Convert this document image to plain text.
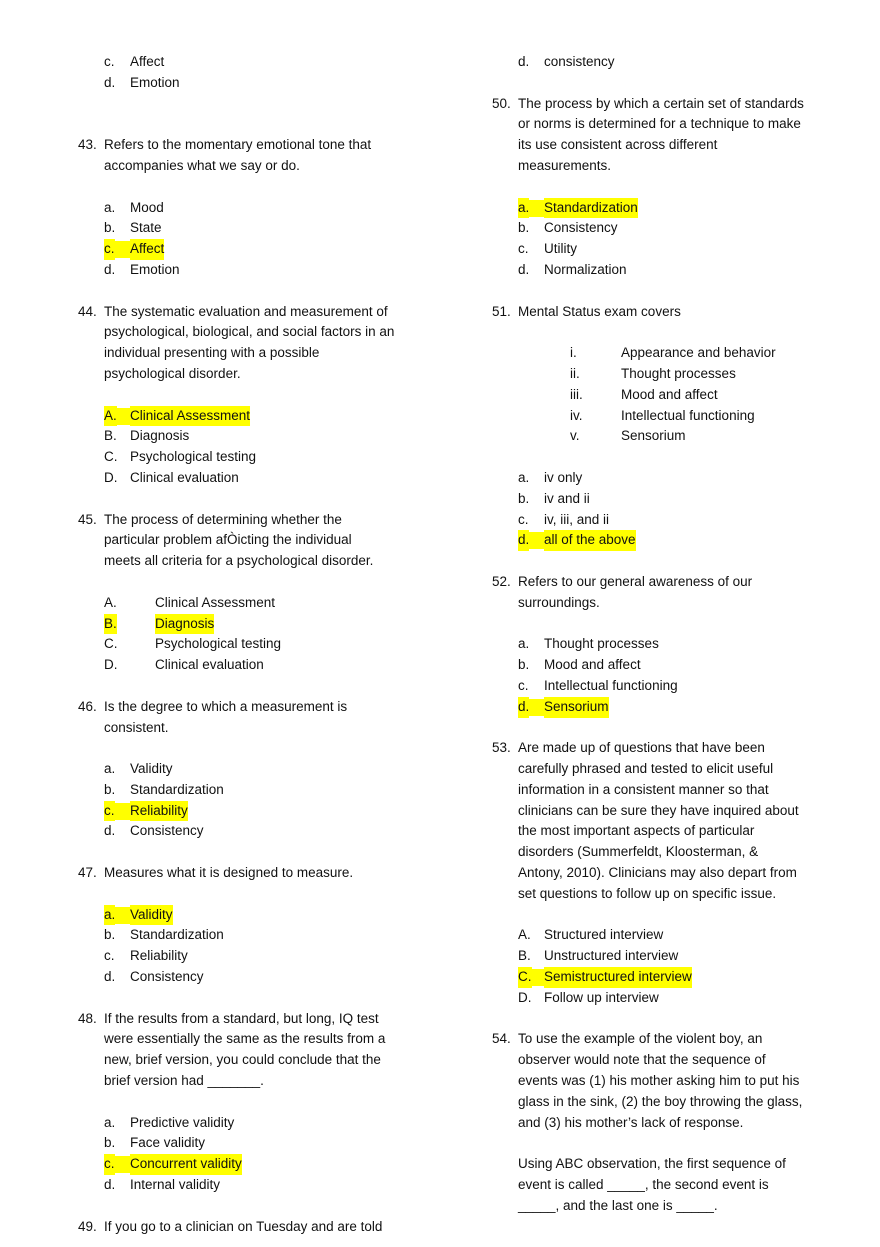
c. Affect
d. Emotion
43. Refers to the momentary emotional tone that
accompanies what we say or do.
a. Mood
b. State
c. Affect
d. Emotion
44. The systematic evaluation and measurement of
psychological, biological, and social factors in an
individual presenting with a possible
psychological disorder.
A. Clinical Assessment
B. Diagnosis
C. Psychological testing
D. Clinical evaluation
45. The process of determining whether the
particular problem afÒicting the individual
meets all criteria for a psychological disorder.
A.	Clinical Assessment
B.	Diagnosis
C.	Psychological testing
D.	Clinical evaluation
46. Is the degree to which a measurement is
consistent.
a. Validity
b. Standardization
c. Reliability
d. Consistency
47. Measures what it is designed to measure.
a. Validity
b. Standardization
c. Reliability
d. Consistency
48. If the results from a standard, but long, IQ test
were essentially the same as the results from a
new, brief version, you could conclude that the
brief version had _______.
a. Predictive validity
b. Face validity
c. Concurrent validity
d. Internal validity
49. If you go to a clinician on Tuesday and are told
d. consistency
50. The process by which a certain set of standards
or norms is determined for a technique to make
its use consistent across different
measurements.
a. Standardization
b. Consistency
c. Utility
d. Normalization
51. Mental Status exam covers
i.	Appearance and behavior
ii.	Thought processes
iii.	Mood and affect
iv.	Intellectual functioning
v.	Sensorium
a. iv only
b. iv and ii
c. iv, iii, and ii
d. all of the above
52. Refers to our general awareness of our
surroundings.
a. Thought processes
b. Mood and affect
c. Intellectual functioning
d. Sensorium
53. Are made up of questions that have been
carefully phrased and tested to elicit useful
information in a consistent manner so that
clinicians can be sure they have inquired about
the most important aspects of particular
disorders (Summerfeldt, Kloosterman, &
Antony, 2010). Clinicians may also depart from
set questions to follow up on specific issue.
A. Structured interview
B. Unstructured interview
C. Semistructured interview
D. Follow up interview
54. To use the example of the violent boy, an
observer would note that the sequence of
events was (1) his mother asking him to put his
glass in the sink, (2) the boy throwing the glass,
and (3) his mother’s lack of response.
Using ABC observation, the first sequence of
event is called _____, the second event is
_____, and the last one is _____.
